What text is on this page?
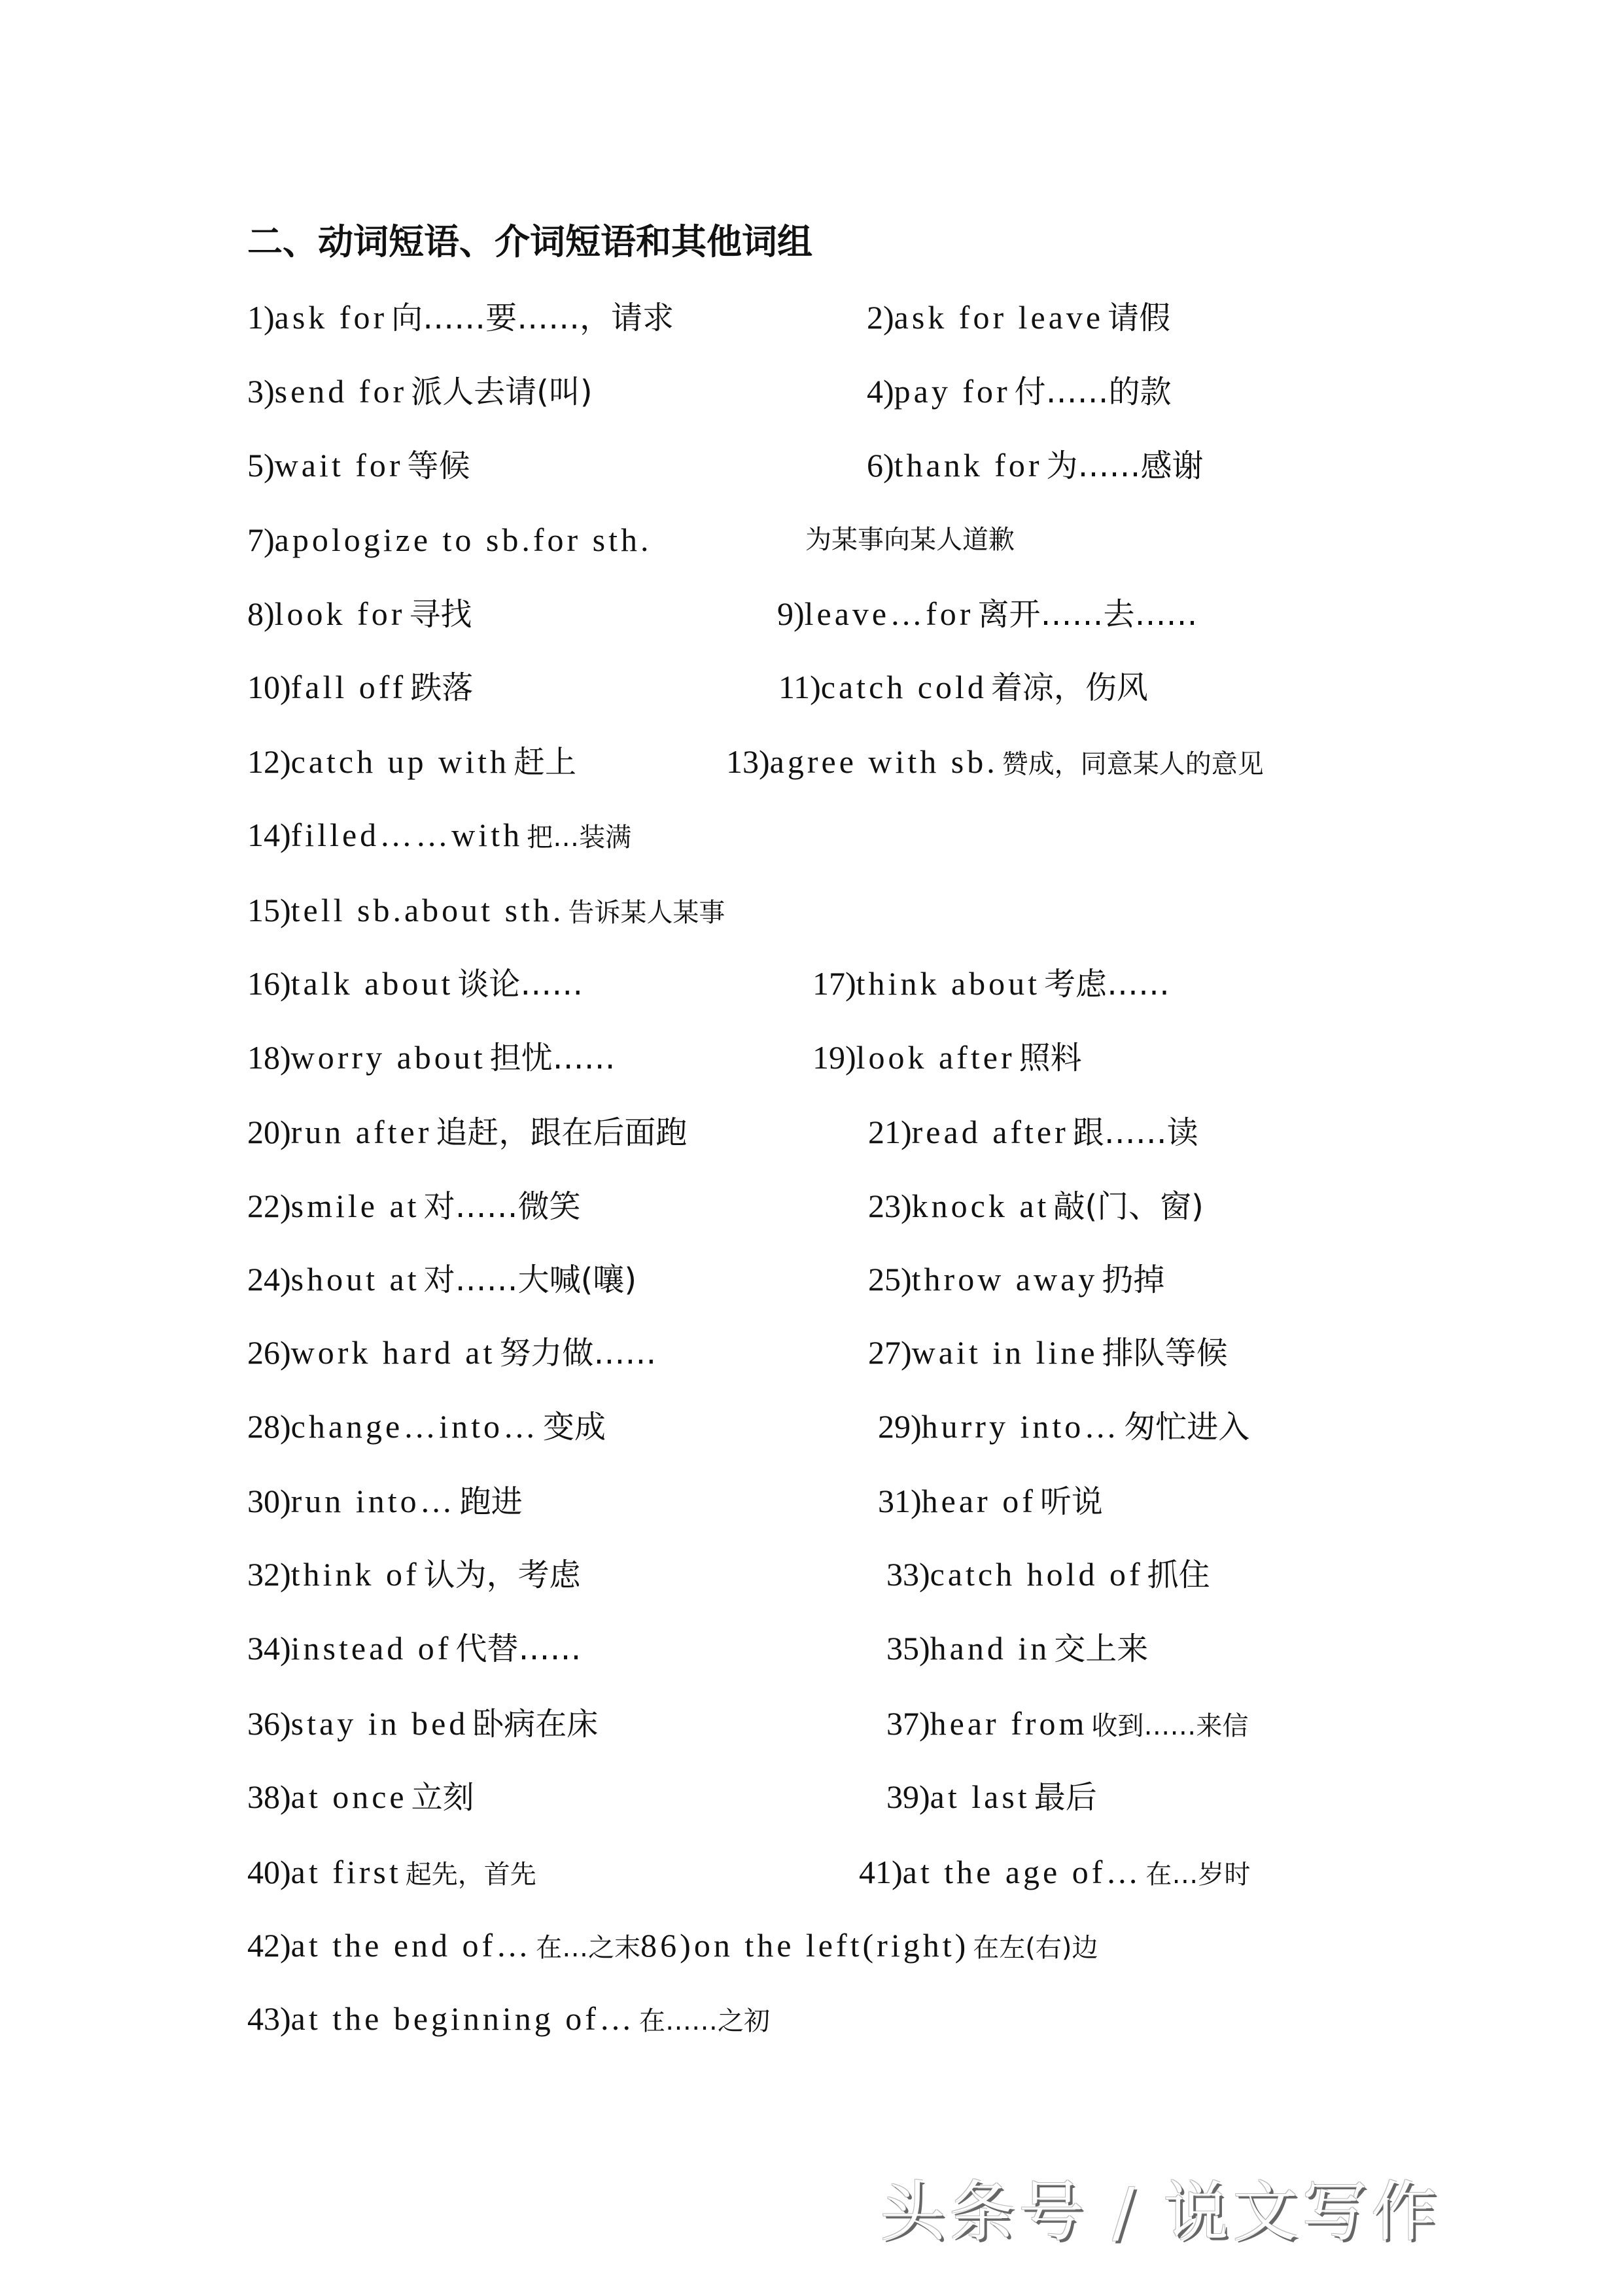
二、动词短语、介词短语和其他词组
1)ask for 向……要……，请求	2)ask for leave 请假
3)send for 派人去请(叫)	4)pay for 付……的款
5)wait for 等候	6)thank for 为……感谢
7)apologize to sb.for sth.	为某事向某人道歉
8)look for 寻找	9)leave…for 离开……去……
10)fall off 跌落	11)catch cold 着凉，伤风
12)catch up with 赶上	13)agree with sb. 赞成，同意某人的意见
14)filled……with 把…装满
15)tell sb.about sth. 告诉某人某事
16)talk about 谈论……	17)think about 考虑……
18)worry about 担忧……	19)look after 照料
20)run after 追赶，跟在后面跑	21)read after 跟……读
22)smile at 对……微笑	23)knock at 敲(门、窗)
24)shout at 对……大喊(嚷)	25)throw away 扔掉
26)work hard at 努力做……	27)wait in line 排队等候
28)change…into… 变成	29)hurry into… 匆忙进入
30)run into… 跑进	31)hear of 听说
32)think of 认为，考虑	33)catch hold of 抓住
34)instead of 代替……	35)hand in 交上来
36)stay in bed 卧病在床	37)hear from 收到……来信
38)at once 立刻	39)at last 最后
40)at first 起先，首先	41)at the age of… 在…岁时
42)at the end of… 在…之末86)on the left(right) 在左(右)边
43)at the beginning of… 在……之初
头条号 / 说文写作
